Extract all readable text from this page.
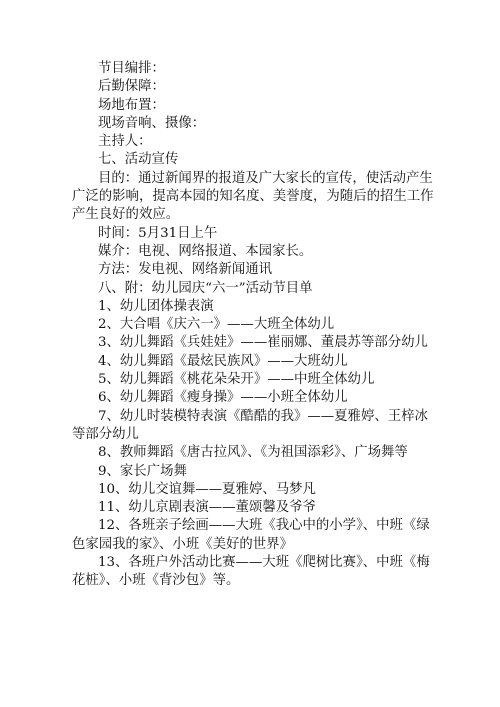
节目编排：

后勤保障：

场地布置：

现场音响、摄像：

主持人：

七、活动宣传

目的：通过新闻界的报道及广大家长的宣传，使活动产生广泛的影响，提高本园的知名度、美誉度，为随后的招生工作产生良好的效应。

时间：5月31日上午

媒介：电视、网络报道、本园家长。

方法：发电视、网络新闻通讯

八、附：幼儿园庆“六一”活动节目单

1、幼儿团体操表演

2、大合唱《庆六一》——大班全体幼儿

3、幼儿舞蹈《兵娃娃》——崔丽娜、董晨苏等部分幼儿

4、幼儿舞蹈《最炫民族风》——大班幼儿

5、幼儿舞蹈《桃花朵朵开》——中班全体幼儿

6、幼儿舞蹈《瘦身操》——小班全体幼儿

7、幼儿时装模特表演《酷酷的我》——夏雅婷、王梓冰等部分幼儿

8、教师舞蹈《唐古拉风》、《为祖国添彩》、广场舞等

9、家长广场舞

10、幼儿交谊舞——夏雅婷、马梦凡

11、幼儿京剧表演——董颂馨及爷爷

12、各班亲子绘画——大班《我心中的小学》、中班《绿色家园我的家》、小班《美好的世界》

13、各班户外活动比赛——大班《爬树比赛》、中班《梅花桩》、小班《背沙包》等。
